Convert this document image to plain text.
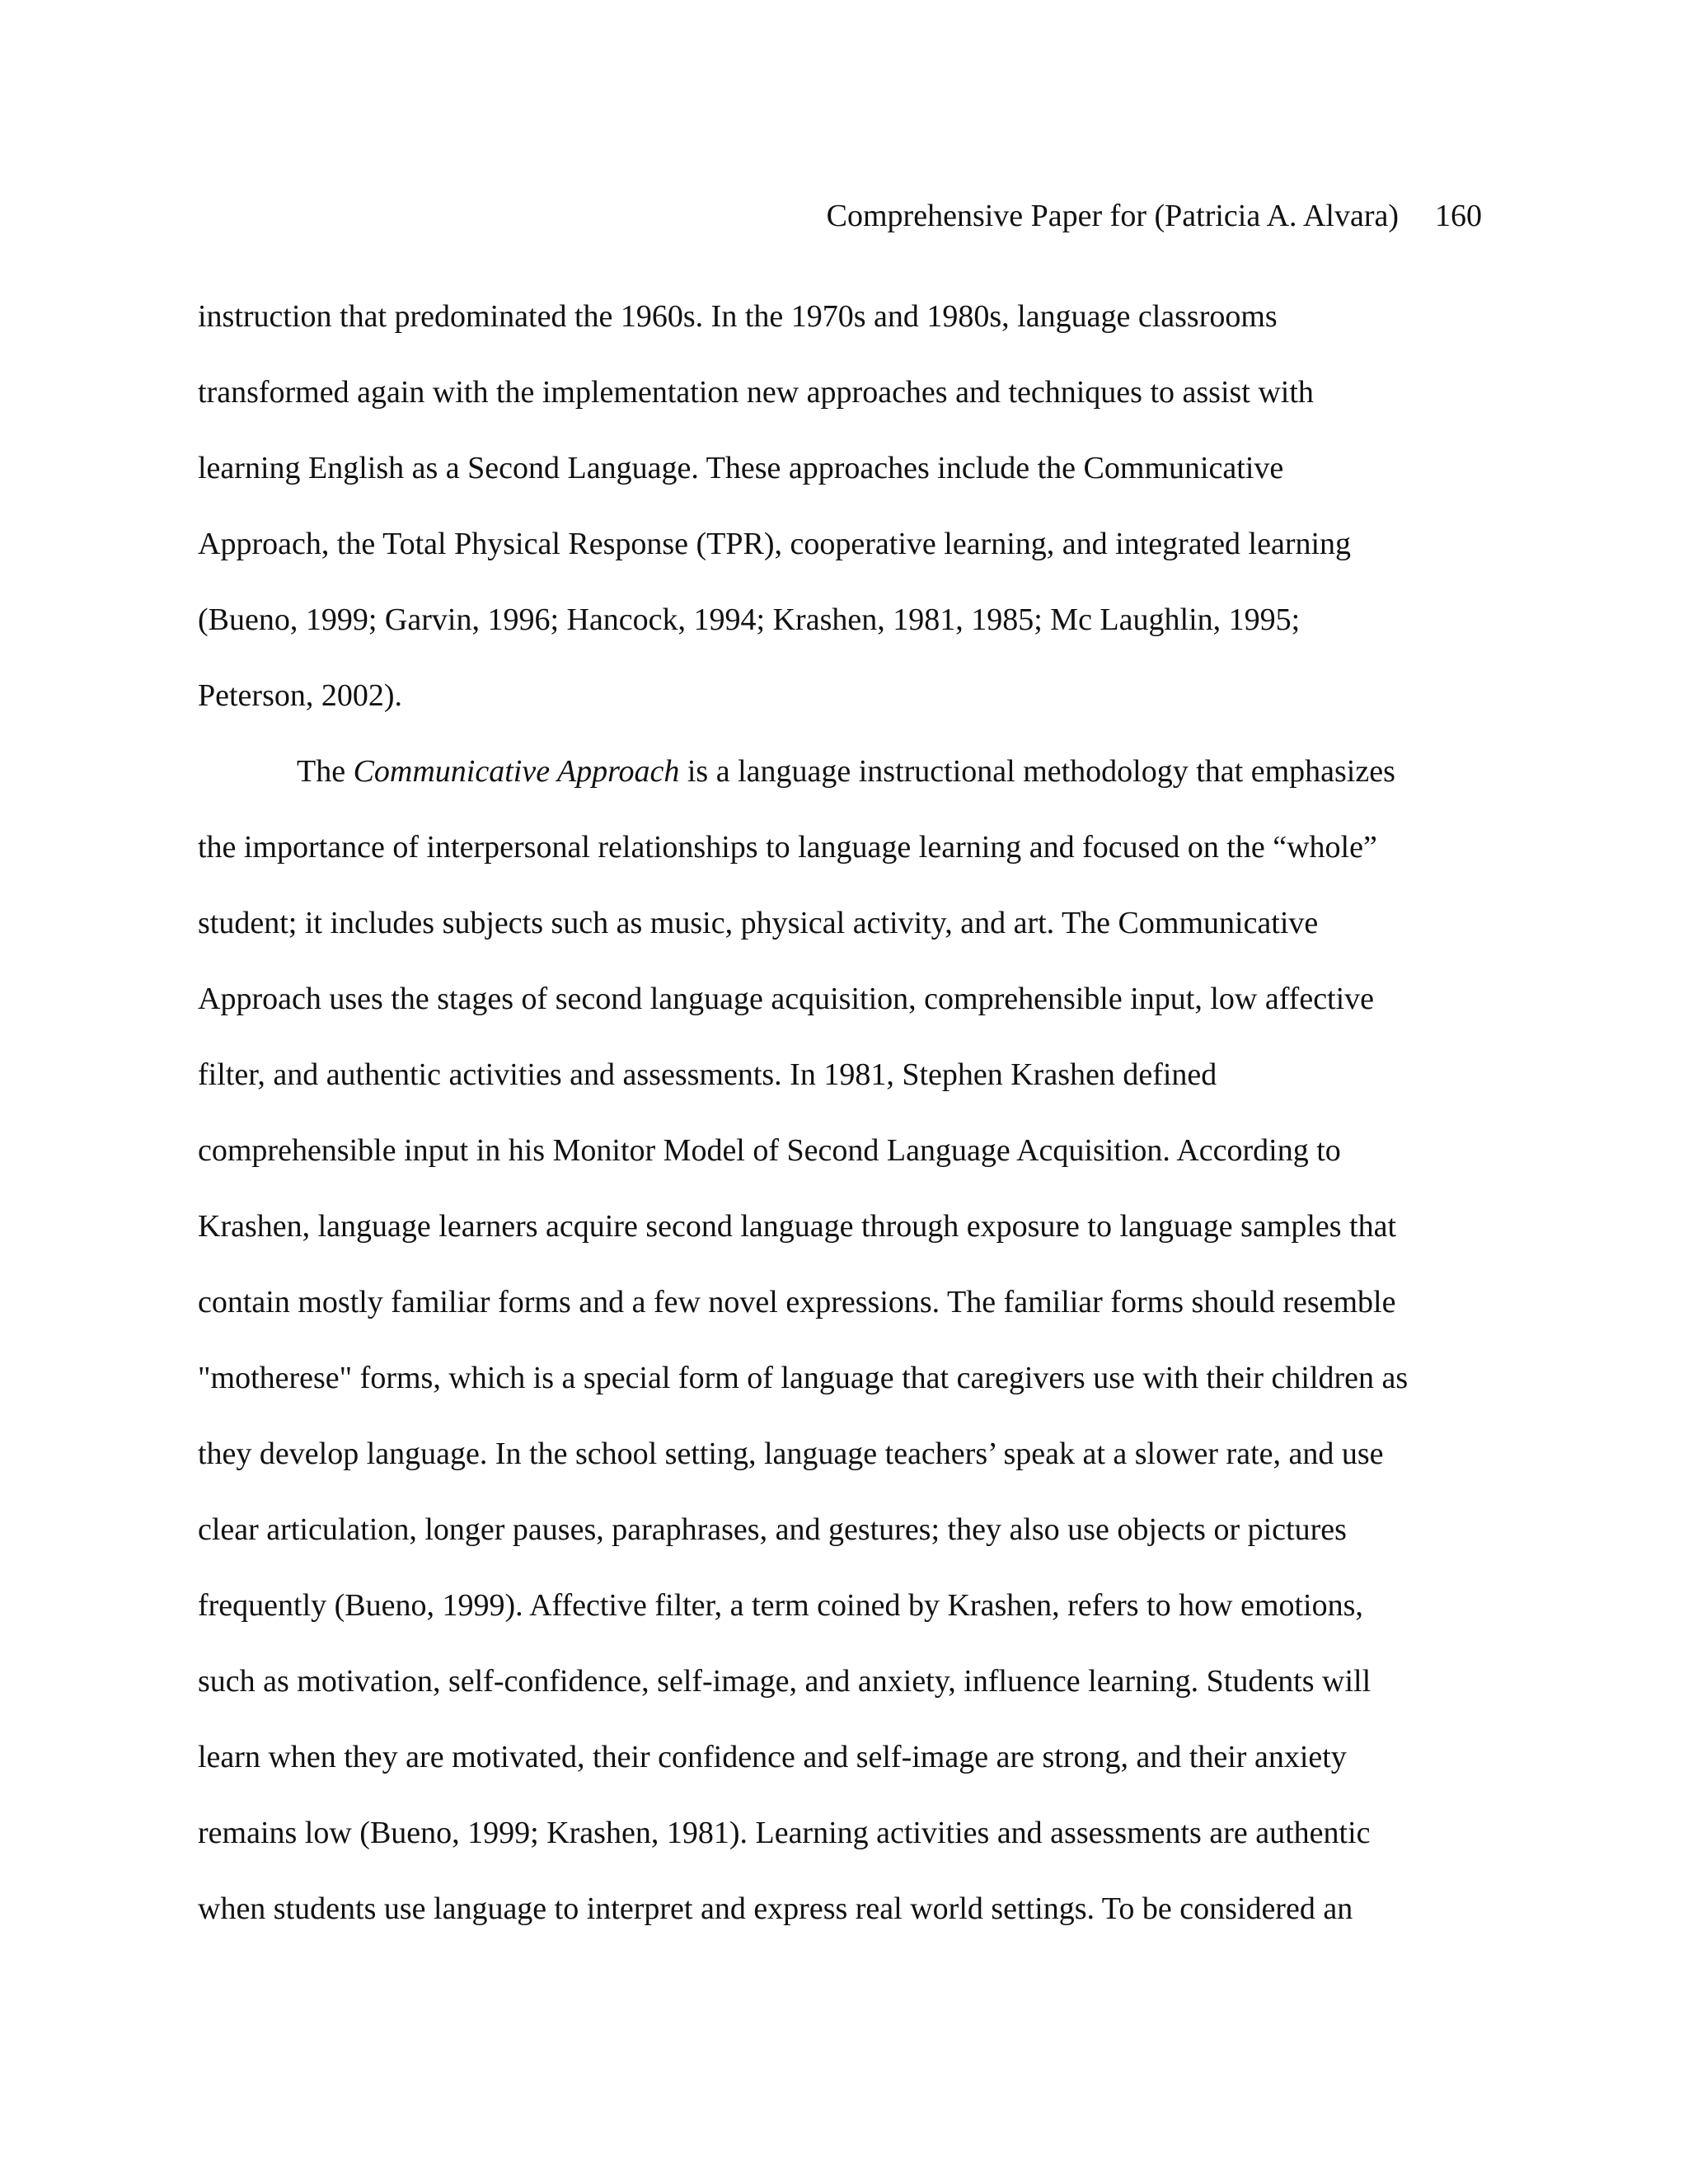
Comprehensive Paper for (Patricia A. Alvara) 160
instruction that predominated the 1960s. In the 1970s and 1980s, language classrooms
transformed again with the implementation new approaches and techniques to assist with
learning English as a Second Language. These approaches include the Communicative
Approach, the Total Physical Response (TPR), cooperative learning, and integrated learning
(Bueno, 1999; Garvin, 1996; Hancock, 1994; Krashen, 1981, 1985; Mc Laughlin, 1995;
Peterson, 2002).
The Communicative Approach is a language instructional methodology that emphasizes
the importance of interpersonal relationships to language learning and focused on the “whole”
student; it includes subjects such as music, physical activity, and art. The Communicative
Approach uses the stages of second language acquisition, comprehensible input, low affective
filter, and authentic activities and assessments. In 1981, Stephen Krashen defined
comprehensible input in his Monitor Model of Second Language Acquisition. According to
Krashen, language learners acquire second language through exposure to language samples that
contain mostly familiar forms and a few novel expressions. The familiar forms should resemble
"motherese" forms, which is a special form of language that caregivers use with their children as
they develop language. In the school setting, language teachers’ speak at a slower rate, and use
clear articulation, longer pauses, paraphrases, and gestures; they also use objects or pictures
frequently (Bueno, 1999). Affective filter, a term coined by Krashen, refers to how emotions,
such as motivation, self-confidence, self-image, and anxiety, influence learning. Students will
learn when they are motivated, their confidence and self-image are strong, and their anxiety
remains low (Bueno, 1999; Krashen, 1981). Learning activities and assessments are authentic
when students use language to interpret and express real world settings. To be considered an
